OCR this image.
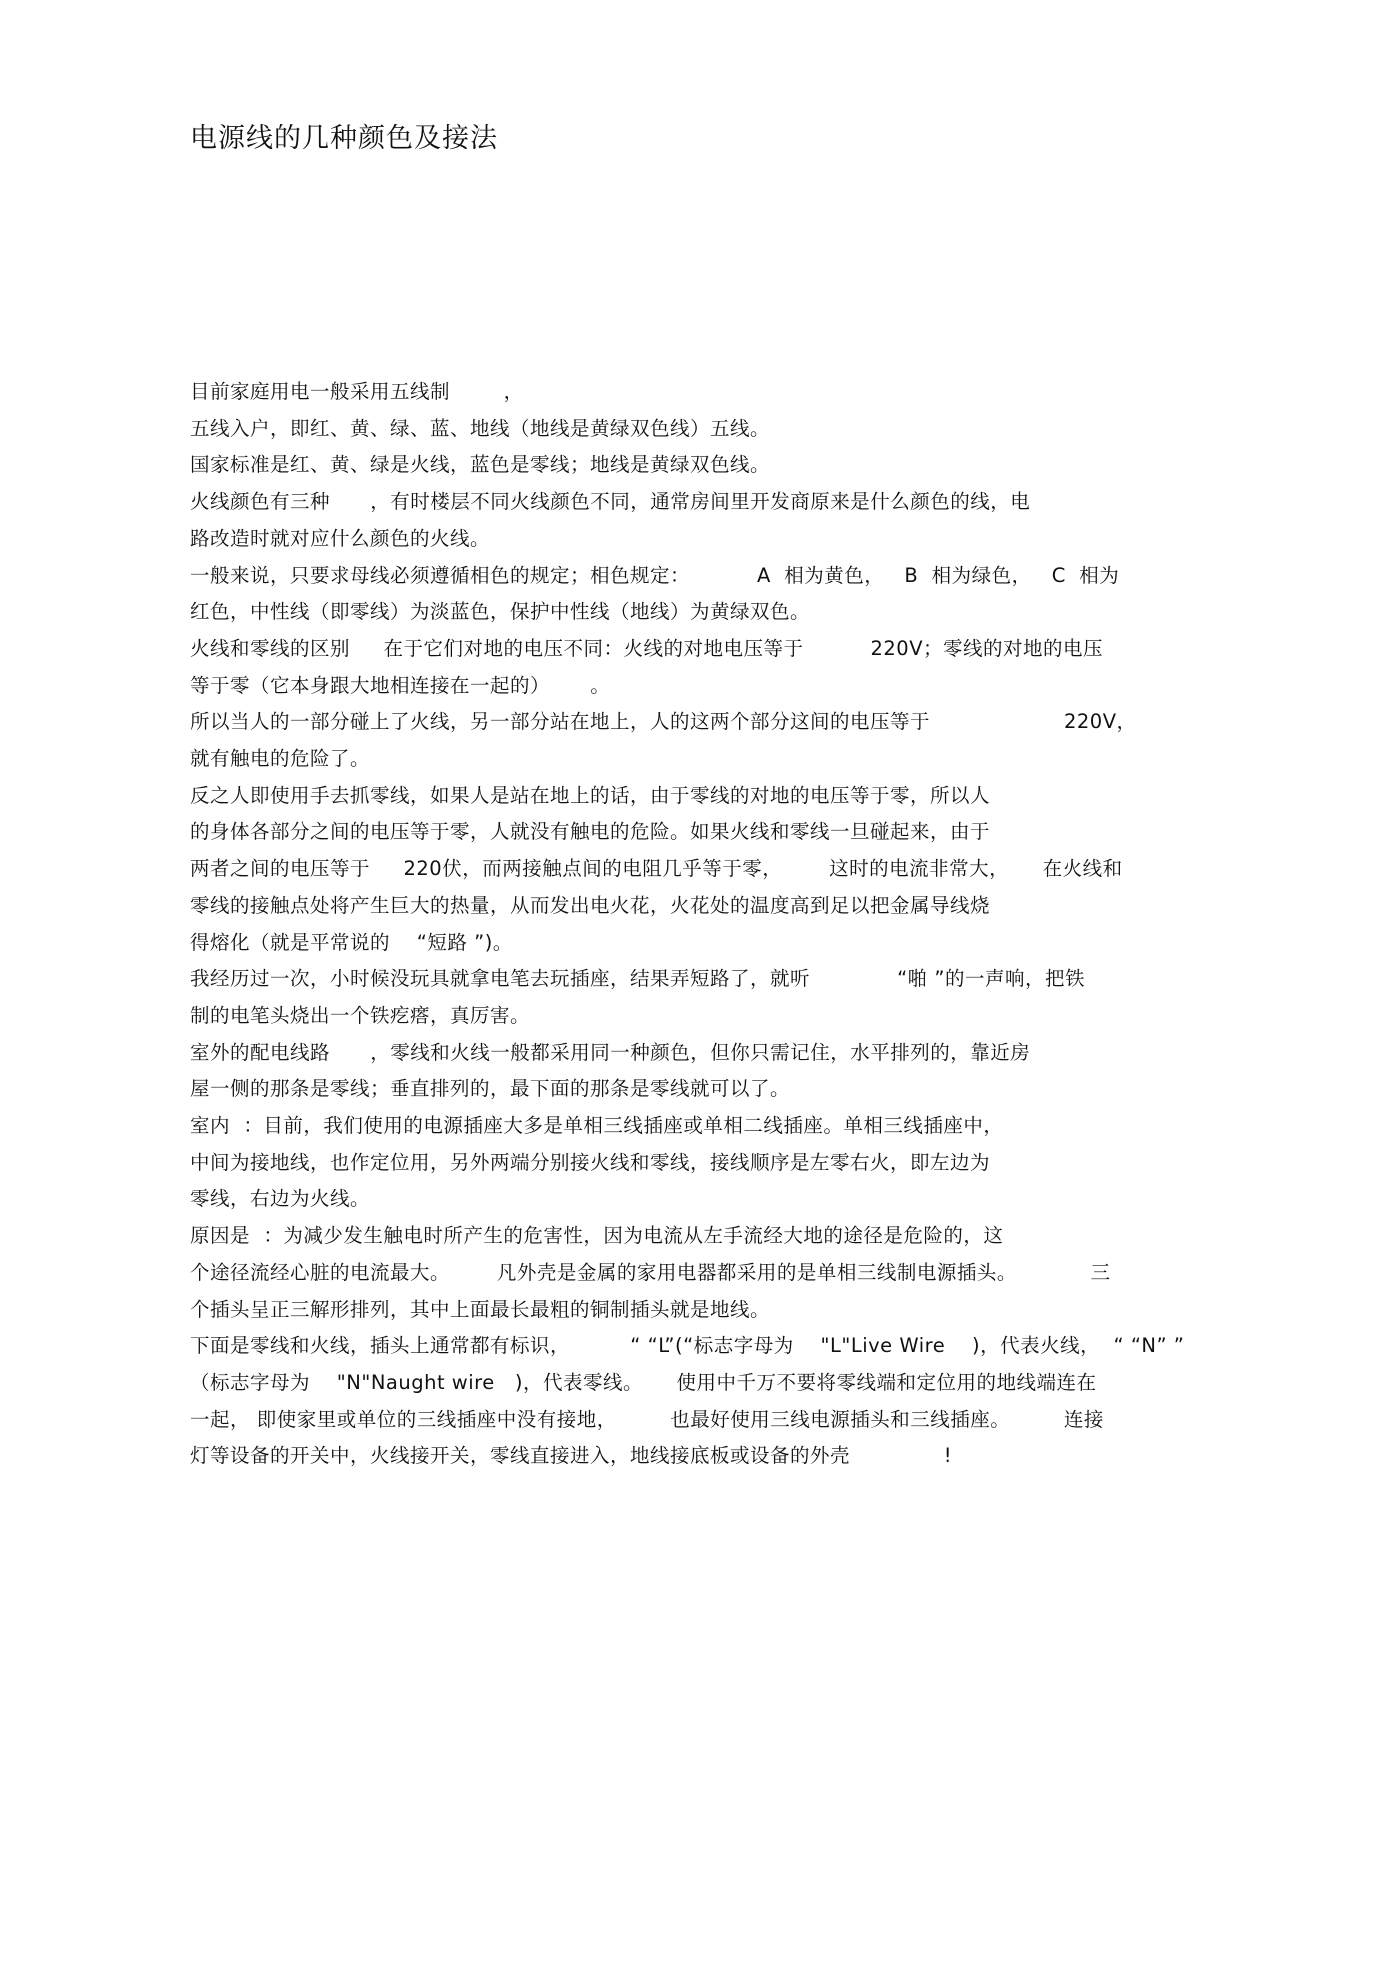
电源线的几种颜色及接法
目前家庭用电一般采用五线制        ，
五线入户，即红、黄、绿、蓝、地线（地线是黄绿双色线）五线。
国家标准是红、黄、绿是火线，蓝色是零线；地线是黄绿双色线。
火线颜色有三种      ，有时楼层不同火线颜色不同，通常房间里开发商原来是什么颜色的线，电
路改造时就对应什么颜色的火线。
一般来说，只要求母线必须遵循相色的规定；相色规定：          A  相为黄色，   B  相为绿色，   C  相为
红色，中性线（即零线）为淡蓝色，保护中性线（地线）为黄绿双色。
火线和零线的区别     在于它们对地的电压不同：火线的对地电压等于          220V；零线的对地的电压
等于零（它本身跟大地相连接在一起的）      。
所以当人的一部分碰上了火线，另一部分站在地上，人的这两个部分这间的电压等于                    220V，
就有触电的危险了。
反之人即使用手去抓零线，如果人是站在地上的话，由于零线的对地的电压等于零，所以人
的身体各部分之间的电压等于零，人就没有触电的危险。如果火线和零线一旦碰起来，由于
两者之间的电压等于     220伏，而两接触点间的电阻几乎等于零，       这时的电流非常大，     在火线和
零线的接触点处将产生巨大的热量，从而发出电火花，火花处的温度高到足以把金属导线烧
得熔化（就是平常说的    “短路 ”)。
我经历过一次，小时候没玩具就拿电笔去玩插座，结果弄短路了，就听             “啪 ”的一声响，把铁
制的电笔头烧出一个铁疙瘩，真厉害。
室外的配电线路      ，零线和火线一般都采用同一种颜色，但你只需记住，水平排列的，靠近房
屋一侧的那条是零线；垂直排列的，最下面的那条是零线就可以了。
室内  ：目前，我们使用的电源插座大多是单相三线插座或单相二线插座。单相三线插座中，
中间为接地线，也作定位用，另外两端分别接火线和零线，接线顺序是左零右火，即左边为
零线，右边为火线。
原因是  ：为减少发生触电时所产生的危害性，因为电流从左手流经大地的途径是危险的，这
个途径流经心脏的电流最大。       凡外壳是金属的家用电器都采用的是单相三线制电源插头。           三
个插头呈正三解形排列，其中上面最长最粗的铜制插头就是地线。
下面是零线和火线，插头上通常都有标识，         “ “L”(“标志字母为    "L"Live Wire    )，代表火线，  “ “N” ”
（标志字母为    "N"Naught wire   )，代表零线。     使用中千万不要将零线端和定位用的地线端连在
一起， 即使家里或单位的三线插座中没有接地，        也最好使用三线电源插头和三线插座。        连接
灯等设备的开关中，火线接开关，零线直接进入，地线接底板或设备的外壳              !
